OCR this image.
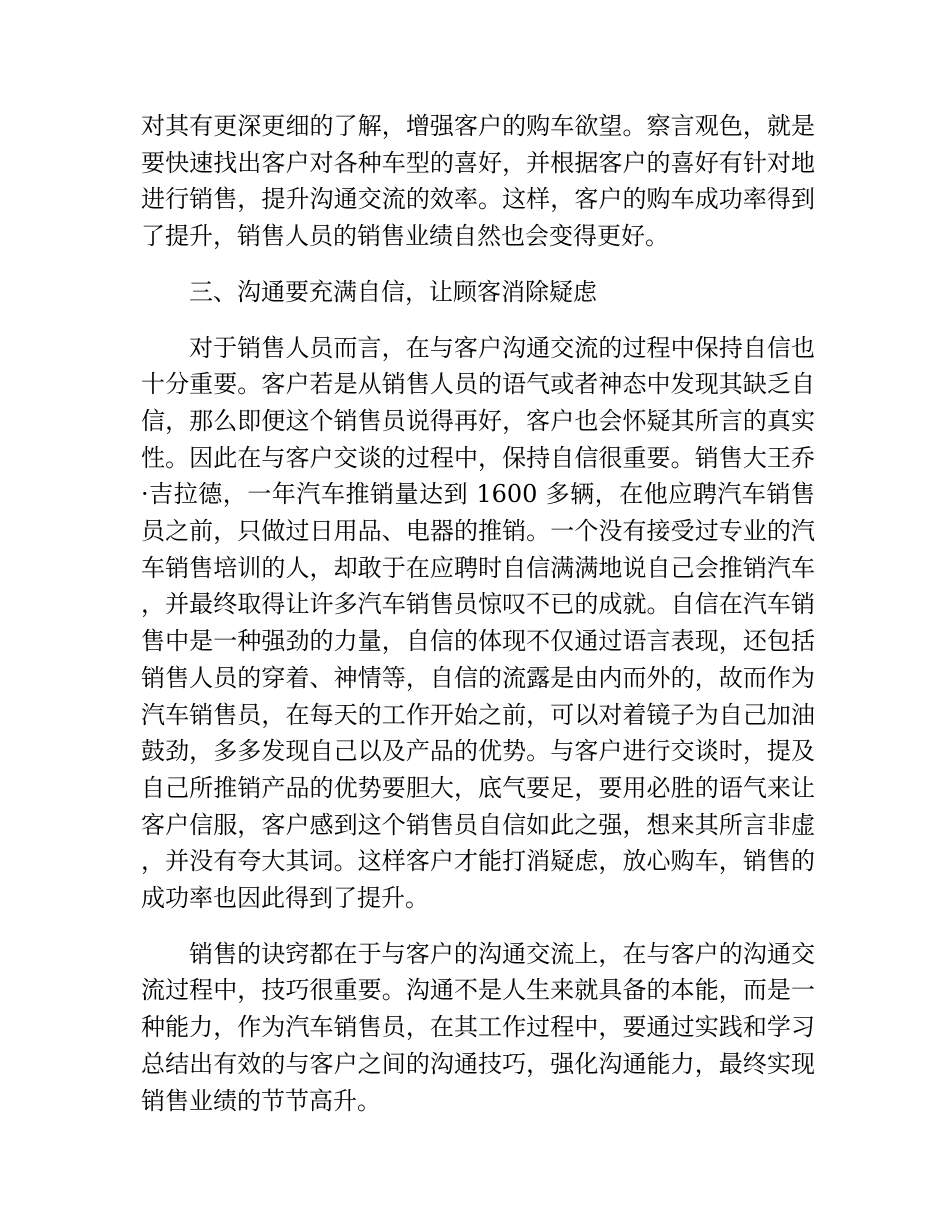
对其有更深更细的了解，增强客户的购车欲望。察言观色，就是要快速找出客户对各种车型的喜好，并根据客户的喜好有针对地进行销售，提升沟通交流的效率。这样，客户的购车成功率得到了提升，销售人员的销售业绩自然也会变得更好。

三、沟通要充满自信，让顾客消除疑虑

对于销售人员而言，在与客户沟通交流的过程中保持自信也十分重要。客户若是从销售人员的语气或者神态中发现其缺乏自信，那么即便这个销售员说得再好，客户也会怀疑其所言的真实性。因此在与客户交谈的过程中，保持自信很重要。销售大王乔·吉拉德，一年汽车推销量达到 1600 多辆，在他应聘汽车销售员之前，只做过日用品、电器的推销。一个没有接受过专业的汽车销售培训的人，却敢于在应聘时自信满满地说自己会推销汽车，并最终取得让许多汽车销售员惊叹不已的成就。自信在汽车销售中是一种强劲的力量，自信的体现不仅通过语言表现，还包括销售人员的穿着、神情等，自信的流露是由内而外的，故而作为汽车销售员，在每天的工作开始之前，可以对着镜子为自己加油鼓劲，多多发现自己以及产品的优势。与客户进行交谈时，提及自己所推销产品的优势要胆大，底气要足，要用必胜的语气来让客户信服，客户感到这个销售员自信如此之强，想来其所言非虚，并没有夸大其词。这样客户才能打消疑虑，放心购车，销售的成功率也因此得到了提升。

销售的诀窍都在于与客户的沟通交流上，在与客户的沟通交流过程中，技巧很重要。沟通不是人生来就具备的本能，而是一种能力，作为汽车销售员，在其工作过程中，要通过实践和学习总结出有效的与客户之间的沟通技巧，强化沟通能力，最终实现销售业绩的节节高升。
